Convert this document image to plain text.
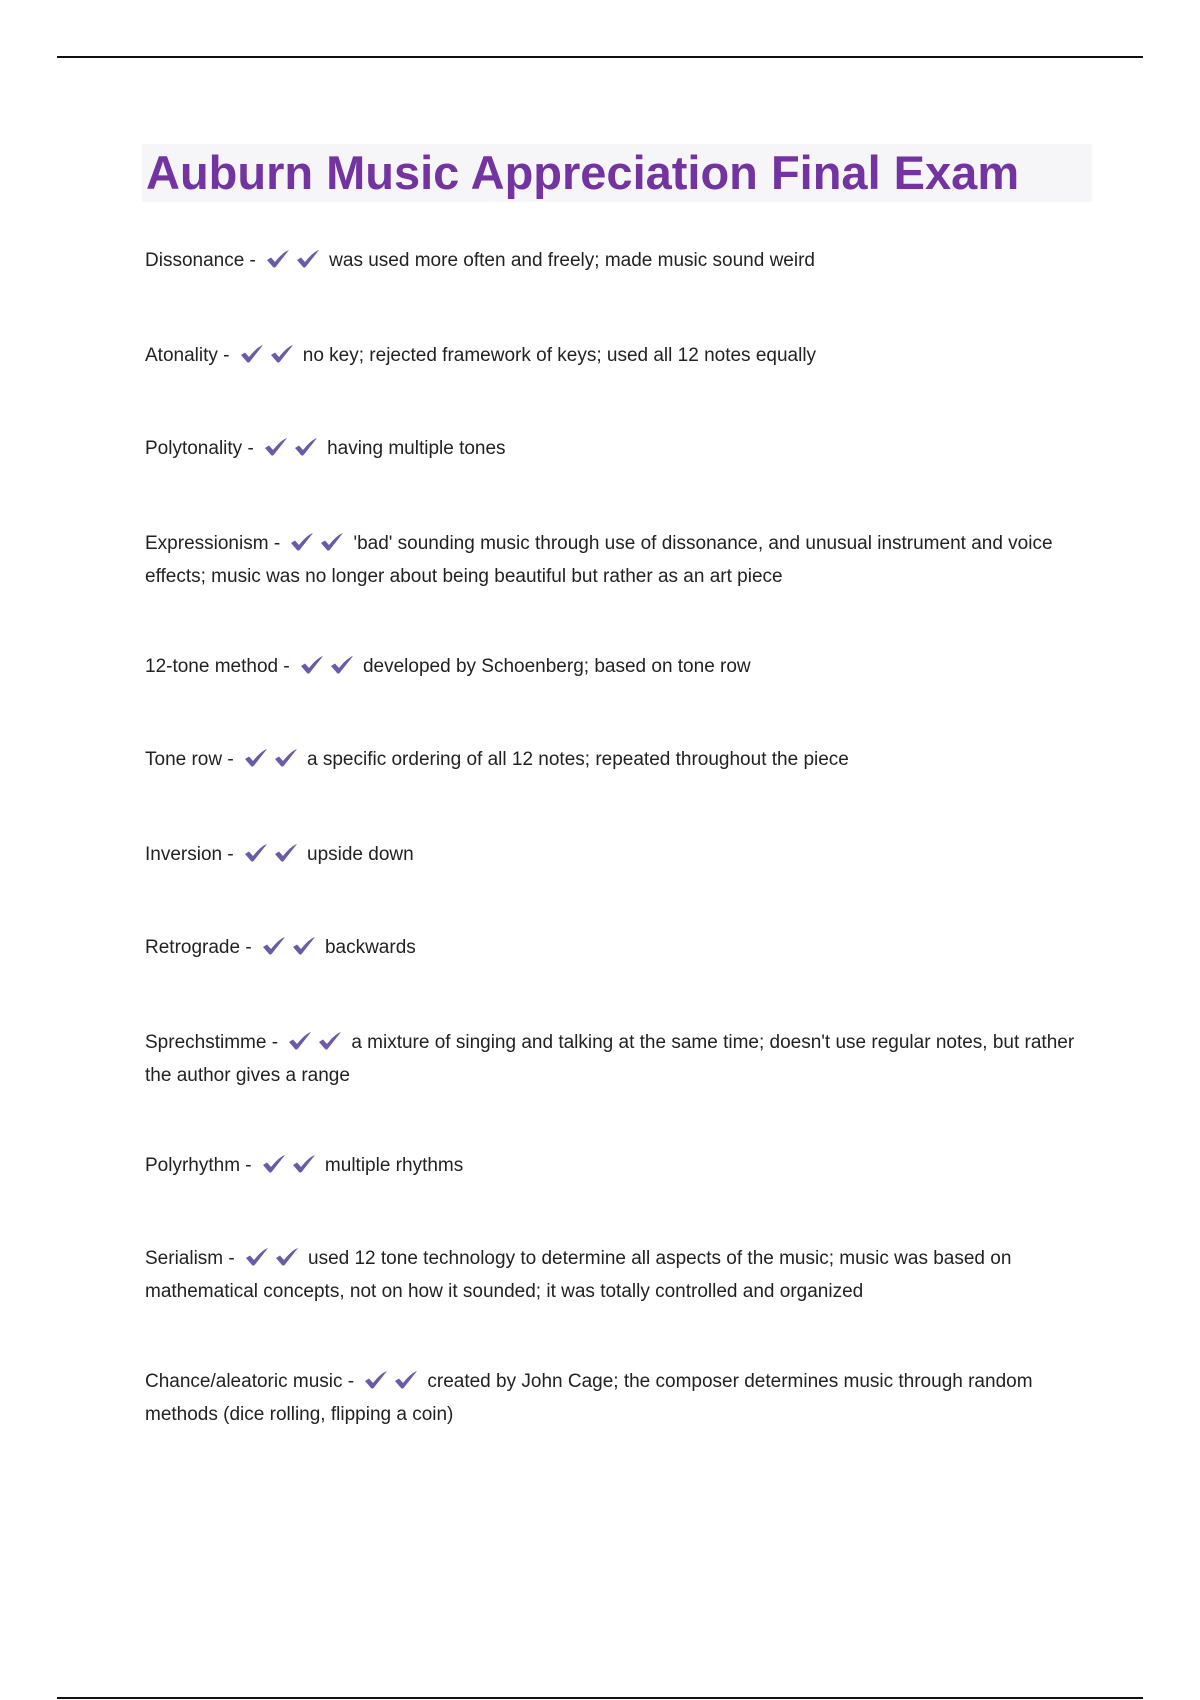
Auburn Music Appreciation Final Exam

Dissonance -	was used more often and freely; made music sound weird

Atonality -	no key; rejected framework of keys; used all 12 notes equally

Polytonality -	having multiple tones

Expressionism -	'bad' sounding music through use of dissonance, and unusual instrument and voice effects; music was no longer about being beautiful but rather as an art piece

12-tone method -	developed by Schoenberg; based on tone row

Tone row -	a specific ordering of all 12 notes; repeated throughout the piece

Inversion -	upside down

Retrograde -	backwards

Sprechstimme -	a mixture of singing and talking at the same time; doesn't use regular notes, but rather the author gives a range

Polyrhythm -	multiple rhythms

Serialism -	used 12 tone technology to determine all aspects of the music; music was based on mathematical concepts, not on how it sounded; it was totally controlled and organized

Chance/aleatoric music -	created by John Cage; the composer determines music through random methods (dice rolling, flipping a coin)
